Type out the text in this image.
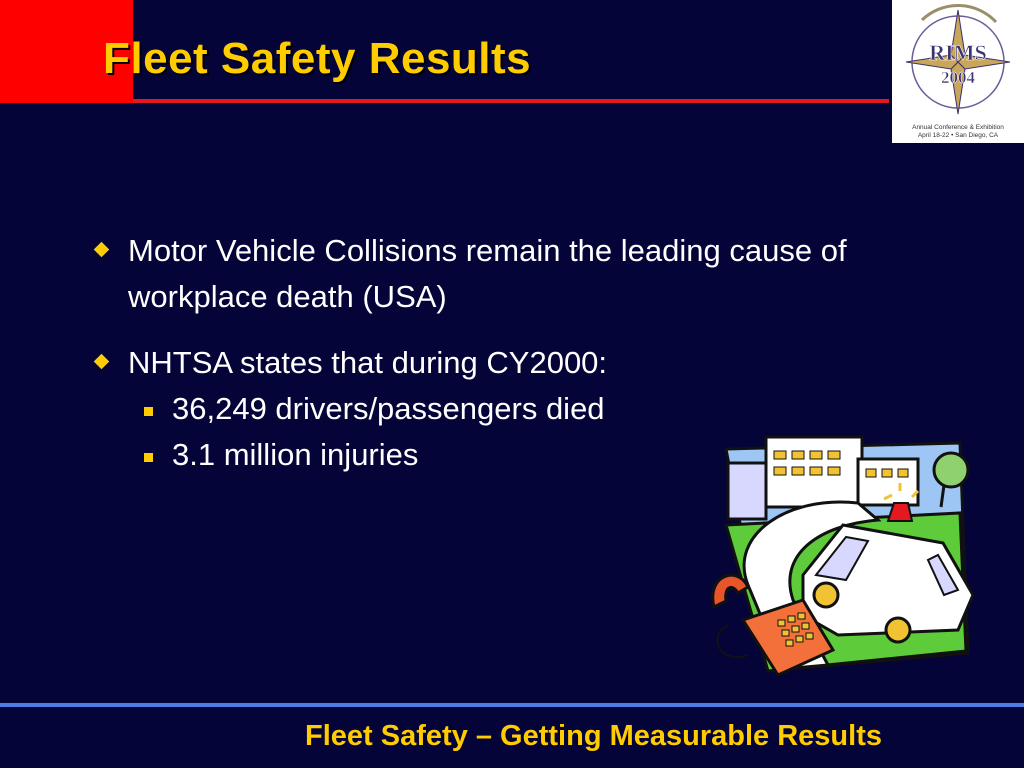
Fleet Safety Results	RIMS
2004
Annual Conference & Exhibition
April 18-22 • San Diego, CA
Motor Vehicle Collisions remain the leading cause of workplace death (USA)
NHTSA states that during CY2000:
36,249 drivers/passengers died
3.1 million injuries
Fleet Safety – Getting Measurable Results
